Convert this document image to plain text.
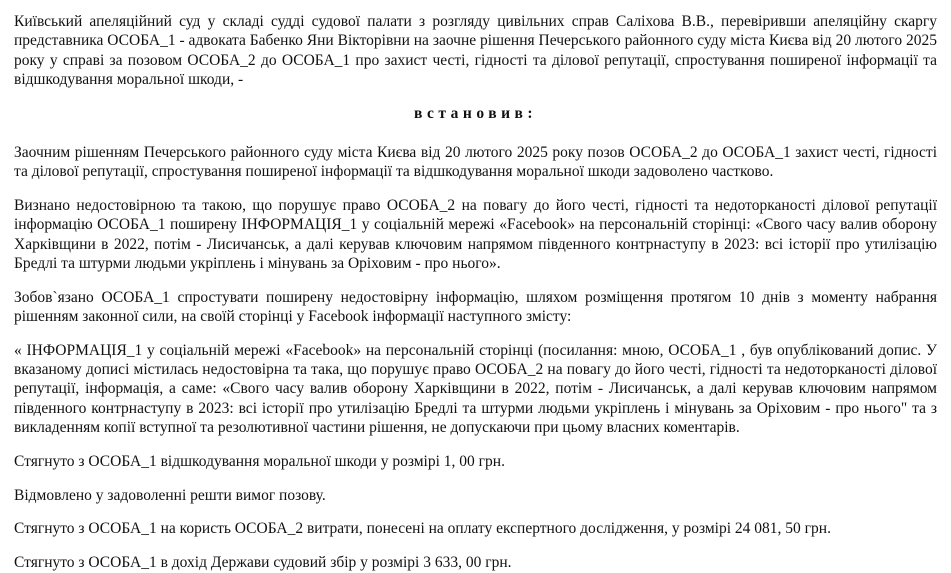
Київський апеляційний суд у складі судді судової палати з розгляду цивільних справ Саліхова В.В., перевіривши апеляційну скаргу представника ОСОБА_1 - адвоката Бабенко Яни Вікторівни на заочне рішення Печерського районного суду міста Києва від 20 лютого 2025 року у справі за позовом ОСОБА_2 до ОСОБА_1 про захист честі, гідності та ділової репутації, спростування поширеної інформації та відшкодування моральної шкоди, -

встановив:

Заочним рішенням Печерського районного суду міста Києва від 20 лютого 2025 року позов ОСОБА_2 до ОСОБА_1 захист честі, гідності та ділової репутації, спростування поширеної інформації та відшкодування моральної шкоди задоволено частково.

Визнано недостовірною та такою, що порушує право ОСОБА_2 на повагу до його честі, гідності та недоторканості ділової репутації інформацію ОСОБА_1 поширену ІНФОРМАЦІЯ_1 у соціальній мережі «Facebook» на персональній сторінці: «Свого часу валив оборону Харківщини в 2022, потім - Лисичанськ, а далі керував ключовим напрямом південного контрнаступу в 2023: всі історії про утилізацію Бредлі та штурми людьми укріплень і мінувань за Оріховим - про нього».

Зобов`язано ОСОБА_1 спростувати поширену недостовірну інформацію, шляхом розміщення протягом 10 днів з моменту набрання рішенням законної сили, на своїй сторінці у Facebook інформації наступного змісту:

« ІНФОРМАЦІЯ_1 у соціальній мережі «Facebook» на персональній сторінці (посилання: мною, ОСОБА_1 , був опублікований допис. У вказаному дописі містилась недостовірна та така, що порушує право ОСОБА_2 на повагу до його честі, гідності та недоторканості ділової репутації, інформація, а саме: «Свого часу валив оборону Харківщини в 2022, потім - Лисичанськ, а далі керував ключовим напрямом південного контрнаступу в 2023: всі історії про утилізацію Бредлі та штурми людьми укріплень і мінувань за Оріховим - про нього" та з викладенням копії вступної та резолютивної частини рішення, не допускаючи при цьому власних коментарів.

Стягнуто з ОСОБА_1 відшкодування моральної шкоди у розмірі 1, 00 грн.

Відмовлено у задоволенні решти вимог позову.

Стягнуто з ОСОБА_1 на користь ОСОБА_2 витрати, понесені на оплату експертного дослідження, у розмірі 24 081, 50 грн.

Стягнуто з ОСОБА_1 в дохід Держави судовий збір у розмірі 3 633, 00 грн.
